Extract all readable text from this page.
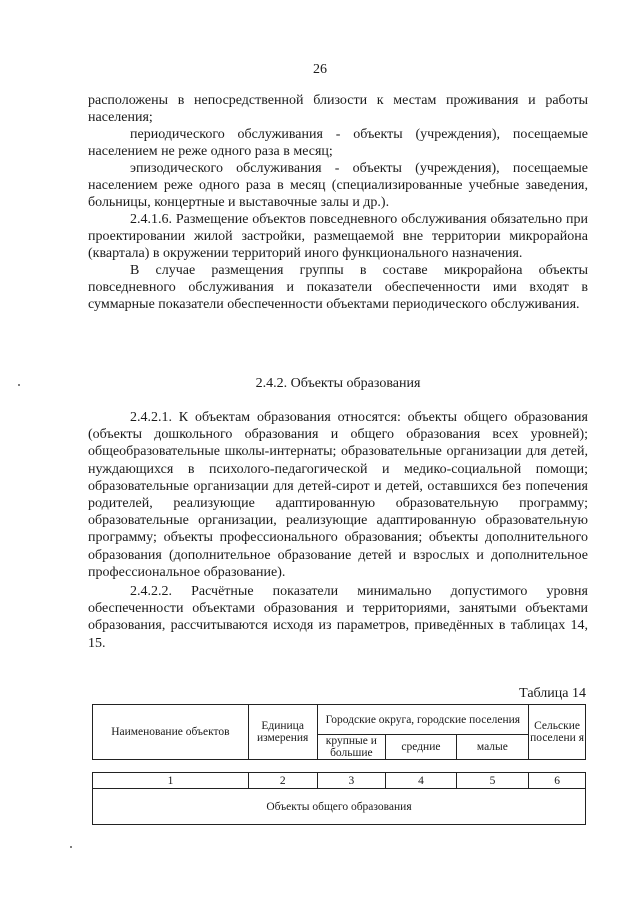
26

расположены в непосредственной близости к местам проживания и работы населения;

периодического обслуживания - объекты (учреждения), посещаемые населением не реже одного раза в месяц;

эпизодического обслуживания - объекты (учреждения), посещаемые населением реже одного раза в месяц (специализированные учебные заведения, больницы, концертные и выставочные залы и др.).

2.4.1.6. Размещение объектов повседневного обслуживания обязательно при проектировании жилой застройки, размещаемой вне территории микрорайона (квартала) в окружении территорий иного функционального назначения.

В случае размещения группы в составе микрорайона объекты повседневного обслуживания и показатели обеспеченности ими входят в суммарные показатели обеспеченности объектами периодического обслуживания.

2.4.2. Объекты образования

2.4.2.1. К объектам образования относятся: объекты общего образования (объекты дошкольного образования и общего образования всех уровней); общеобразовательные школы-интернаты; образовательные организации для детей, нуждающихся в психолого-педагогической и медико-социальной помощи; образовательные организации для детей-сирот и детей, оставшихся без попечения родителей, реализующие адаптированную образовательную программу; образовательные организации, реализующие адаптированную образовательную программу; объекты профессионального образования; объекты дополнительного образования (дополнительное образование детей и взрослых и дополнительное профессиональное образование).

2.4.2.2. Расчётные показатели минимально допустимого уровня обеспеченности объектами образования и территориями, занятыми объектами образования, рассчитываются исходя из параметров, приведённых в таблицах 14, 15.

Таблица 14
Наименование объектов	Единица измерения	Городские округа, городские поселения			Сельские поселени я
		крупные и большие	средние	малые	
1	2	3	4	5	6
Объекты общего образования
